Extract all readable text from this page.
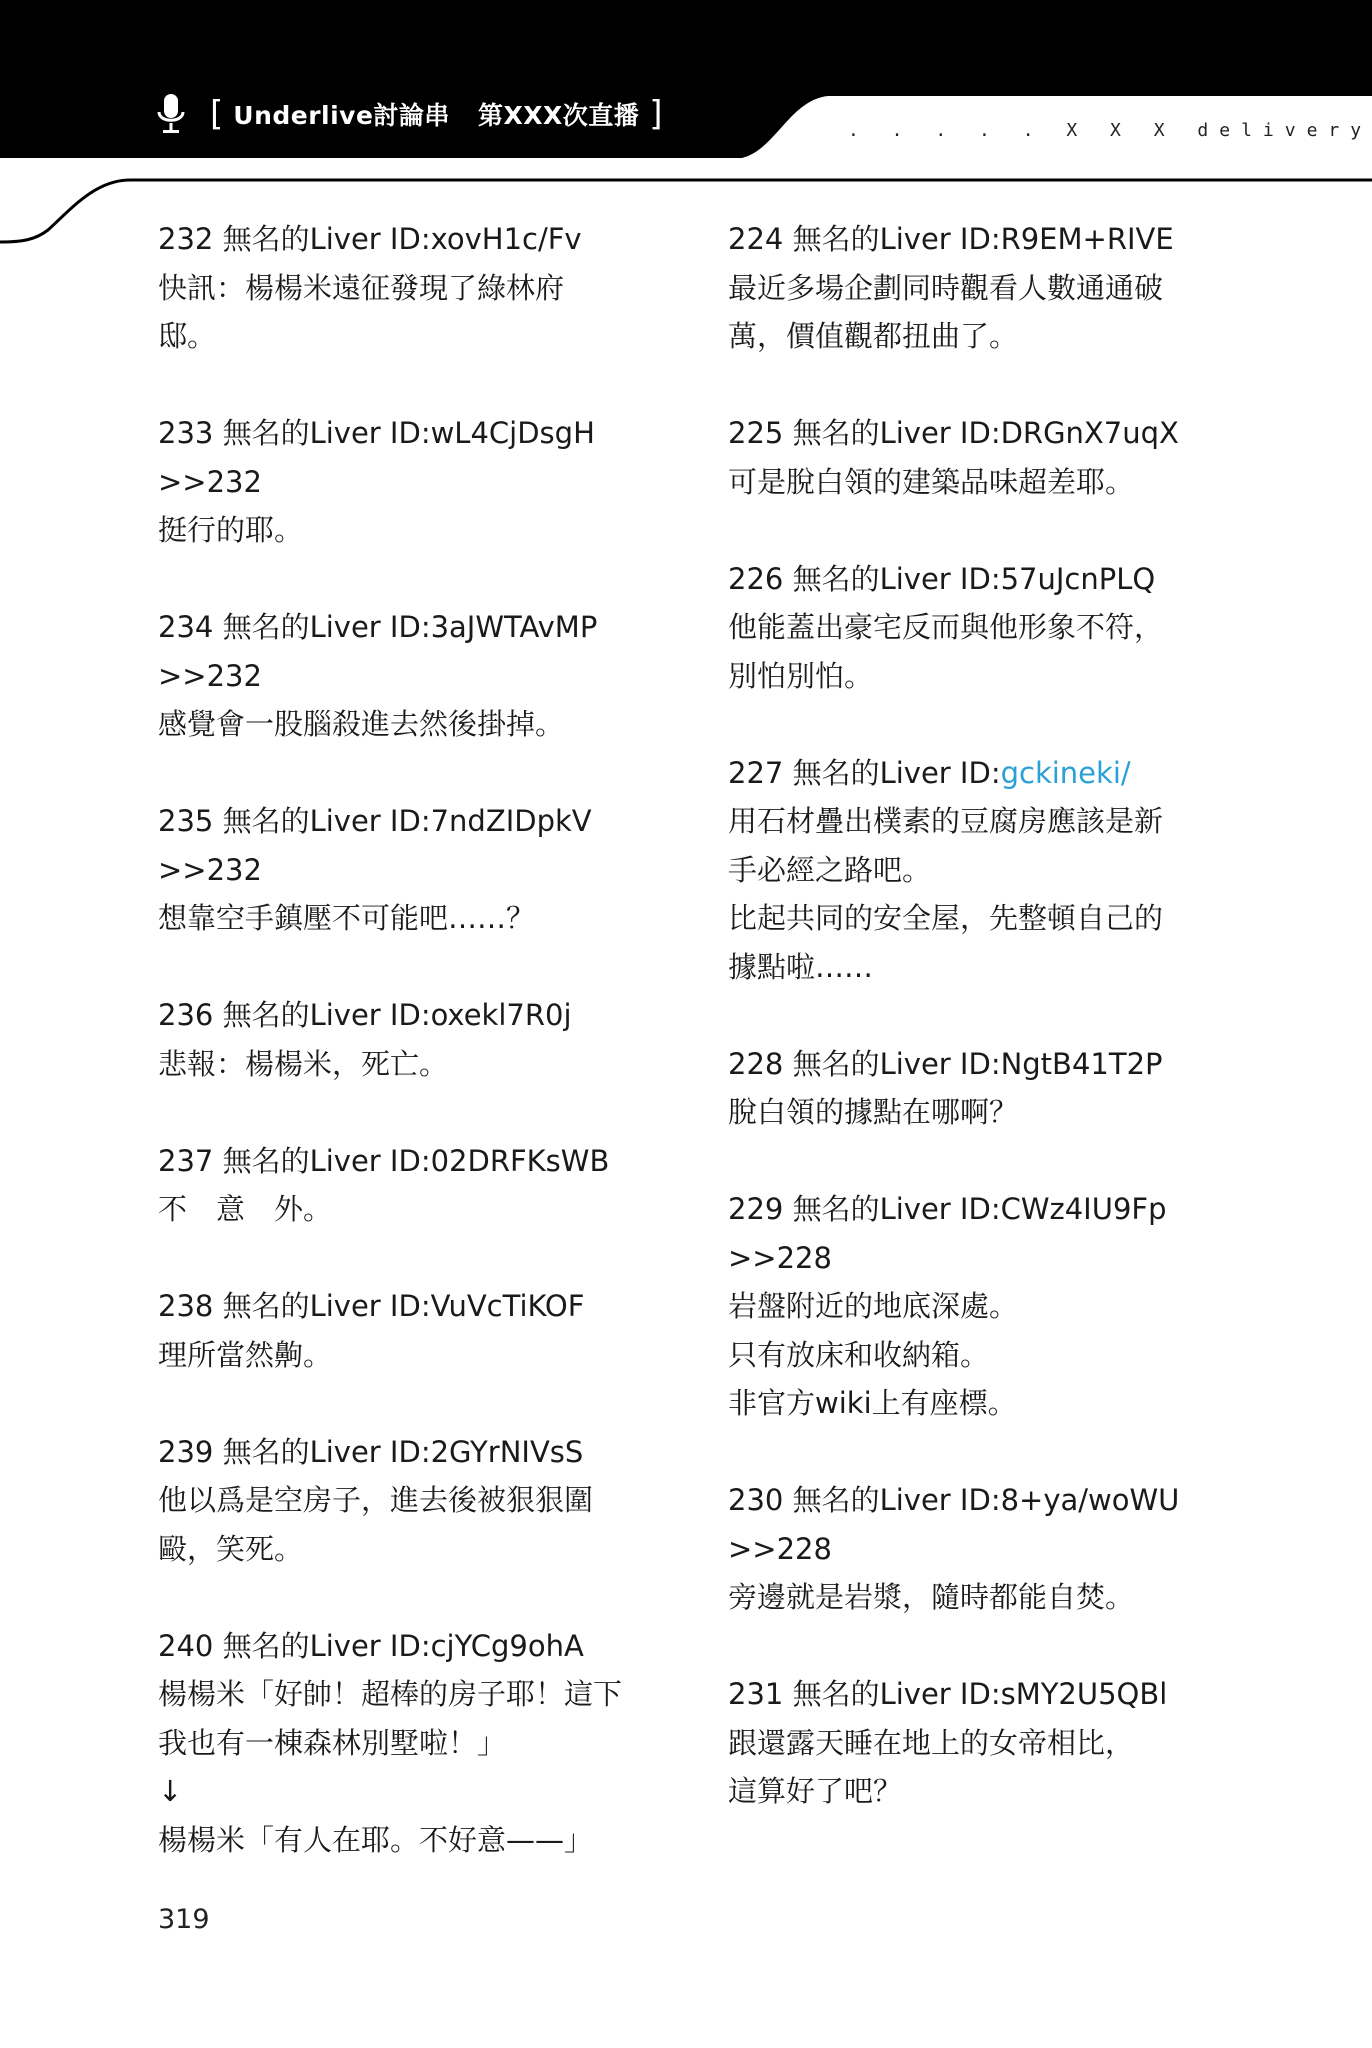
[ Underlive討論串 第XXX次直播 ]	. . . . . X X X delivery
232 無名的Liver ID:xovH1c/Fv
快訊：楊楊米遠征發現了綠林府
邸。
233 無名的Liver ID:wL4CjDsgH
>>232
挺行的耶。
234 無名的Liver ID:3aJWTAvMP
>>232
感覺會一股腦殺進去然後掛掉。
235 無名的Liver ID:7ndZIDpkV
>>232
想靠空手鎮壓不可能吧……？
236 無名的Liver ID:oxekl7R0j
悲報：楊楊米，死亡。
237 無名的Liver ID:02DRFKsWB
不　意　外。
238 無名的Liver ID:VuVcTiKOF
理所當然齁。
239 無名的Liver ID:2GYrNIVsS
他以爲是空房子，進去後被狠狠圍
毆，笑死。
240 無名的Liver ID:cjYCg9ohA
楊楊米「好帥！超棒的房子耶！這下
我也有一棟森林別墅啦！」
↓
楊楊米「有人在耶。不好意——」
224 無名的Liver ID:R9EM+RIVE
最近多場企劃同時觀看人數通通破
萬，價值觀都扭曲了。
225 無名的Liver ID:DRGnX7uqX
可是脫白領的建築品味超差耶。
226 無名的Liver ID:57uJcnPLQ
他能蓋出豪宅反而與他形象不符，
別怕別怕。
227 無名的Liver ID:gckineki/
用石材疊出樸素的豆腐房應該是新
手必經之路吧。
比起共同的安全屋，先整頓自己的
據點啦……
228 無名的Liver ID:NgtB41T2P
脫白領的據點在哪啊？
229 無名的Liver ID:CWz4IU9Fp
>>228
岩盤附近的地底深處。
只有放床和收納箱。
非官方wiki上有座標。
230 無名的Liver ID:8+ya/woWU
>>228
旁邊就是岩漿，隨時都能自焚。
231 無名的Liver ID:sMY2U5QBl
跟還露天睡在地上的女帝相比，
這算好了吧？
319
